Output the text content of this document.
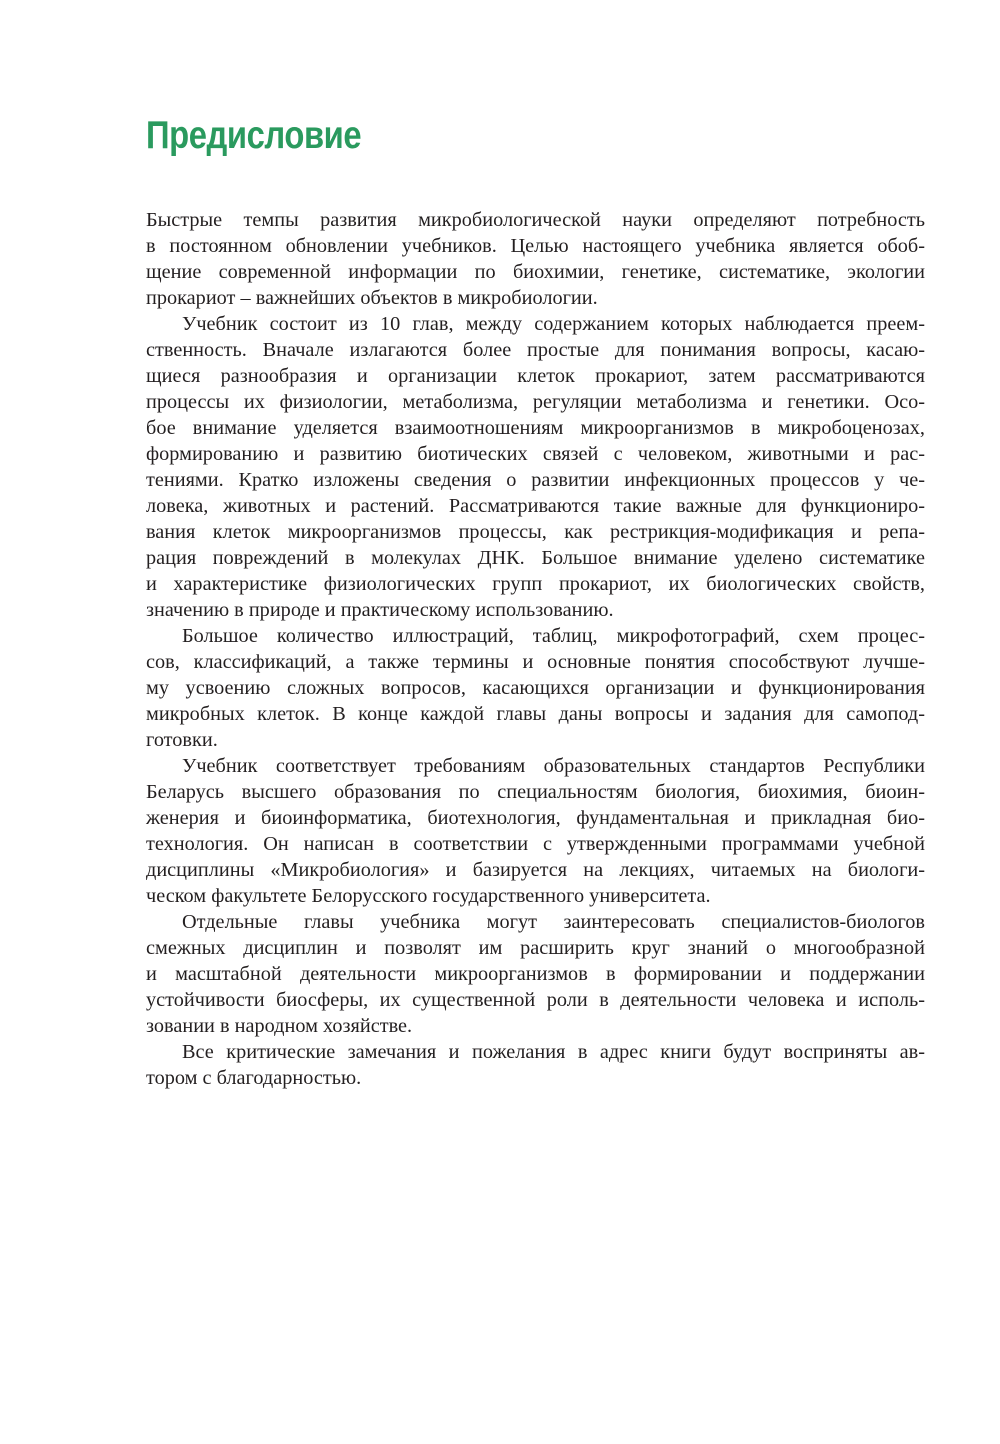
Предисловие
Быстрые темпы развития микробиологической науки определяют потребность
в постоянном обновлении учебников. Целью настоящего учебника является обоб-
щение современной информации по биохимии, генетике, систематике, экологии
прокариот – важнейших объектов в микробиологии.
Учебник состоит из 10 глав, между содержанием которых наблюдается преем-
ственность. Вначале излагаются более простые для понимания вопросы, касаю-
щиеся разнообразия и организации клеток прокариот, затем рассматриваются
процессы их физиологии, метаболизма, регуляции метаболизма и генетики. Осо-
бое внимание уделяется взаимоотношениям микроорганизмов в микробоценозах,
формированию и развитию биотических связей с человеком, животными и рас-
тениями. Кратко изложены сведения о развитии инфекционных процессов у че-
ловека, животных и растений. Рассматриваются такие важные для функциониро-
вания клеток микроорганизмов процессы, как рестрикция-модификация и репа-
рация повреждений в молекулах ДНК. Большое внимание уделено систематике
и характеристике физиологических групп прокариот, их биологических свойств,
значению в природе и практическому использованию.
Большое количество иллюстраций, таблиц, микрофотографий, схем процес-
сов, классификаций, а также термины и основные понятия способствуют лучше-
му усвоению сложных вопросов, касающихся организации и функционирования
микробных клеток. В конце каждой главы даны вопросы и задания для самопод-
готовки.
Учебник соответствует требованиям образовательных стандартов Республики
Беларусь высшего образования по специальностям биология, биохимия, биоин-
женерия и биоинформатика, биотехнология, фундаментальная и прикладная био-
технология. Он написан в соответствии с утвержденными программами учебной
дисциплины «Микробиология» и базируется на лекциях, читаемых на биологи-
ческом факультете Белорусского государственного университета.
Отдельные главы учебника могут заинтересовать специалистов-биологов
смежных дисциплин и позволят им расширить круг знаний о многообразной
и масштабной деятельности микроорганизмов в формировании и поддержании
устойчивости биосферы, их существенной роли в деятельности человека и исполь-
зовании в народном хозяйстве.
Все критические замечания и пожелания в адрес книги будут восприняты ав-
тором с благодарностью.
